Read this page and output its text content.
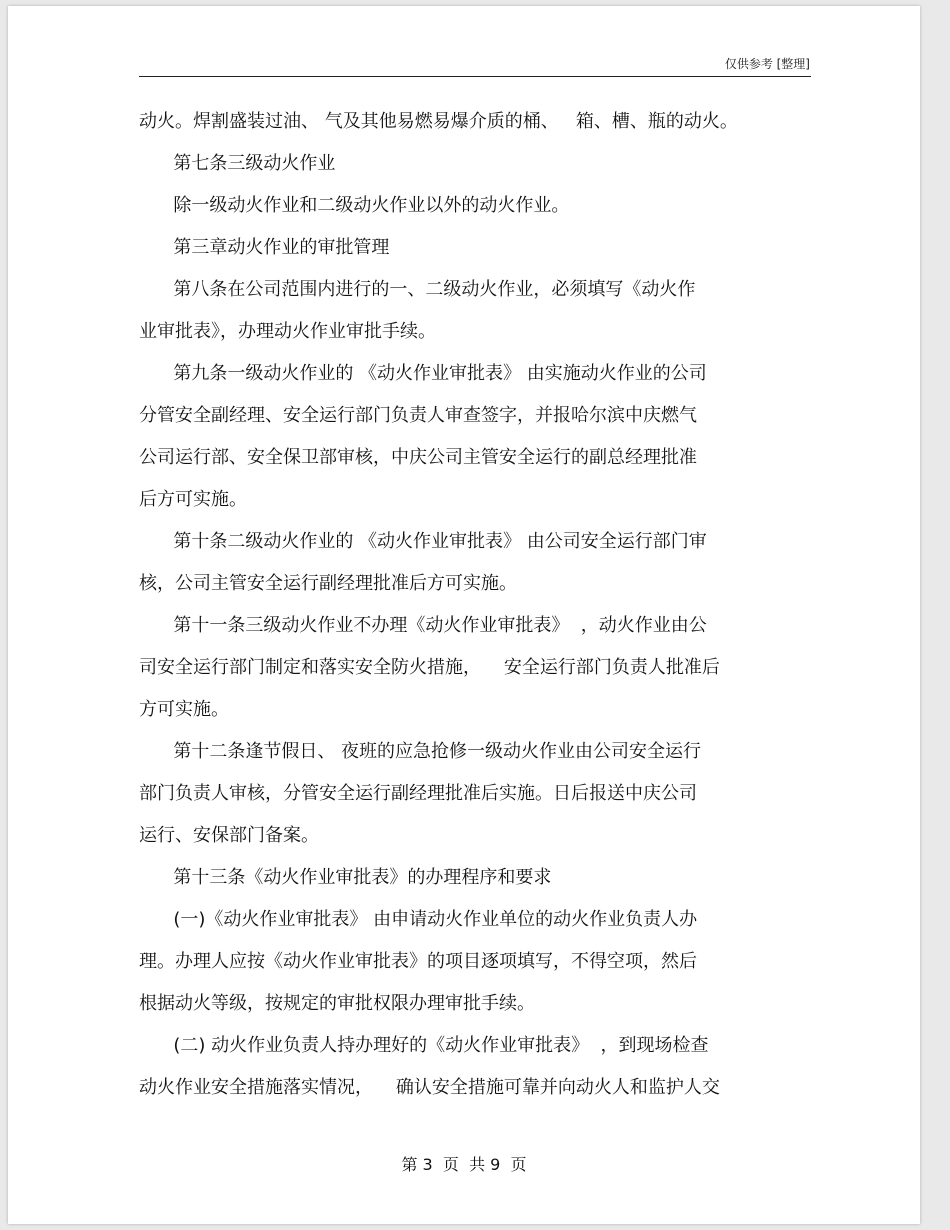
仅供参考 [整理]
动火。焊割盛装过油、 气及其他易燃易爆介质的桶、   箱、槽、瓶的动火。
第七条三级动火作业
除一级动火作业和二级动火作业以外的动火作业。
第三章动火作业的审批管理
第八条在公司范围内进行的一、二级动火作业，必须填写《动火作
业审批表》，办理动火作业审批手续。
第九条一级动火作业的 《动火作业审批表》 由实施动火作业的公司
分管安全副经理、安全运行部门负责人审查签字，并报哈尔滨中庆燃气
公司运行部、安全保卫部审核，中庆公司主管安全运行的副总经理批准
后方可实施。
第十条二级动火作业的 《动火作业审批表》 由公司安全运行部门审
核，公司主管安全运行副经理批准后方可实施。
第十一条三级动火作业不办理《动火作业审批表》  ，动火作业由公
司安全运行部门制定和落实安全防火措施，    安全运行部门负责人批准后
方可实施。
第十二条逢节假日、 夜班的应急抢修一级动火作业由公司安全运行
部门负责人审核，分管安全运行副经理批准后实施。日后报送中庆公司
运行、安保部门备案。
第十三条《动火作业审批表》的办理程序和要求
(一)《动火作业审批表》 由申请动火作业单位的动火作业负责人办
理。办理人应按《动火作业审批表》的项目逐项填写，不得空项，然后
根据动火等级，按规定的审批权限办理审批手续。
(二) 动火作业负责人持办理好的《动火作业审批表》  ，到现场检查
动火作业安全措施落实情况，    确认安全措施可靠并向动火人和监护人交
第 3  页  共 9  页
